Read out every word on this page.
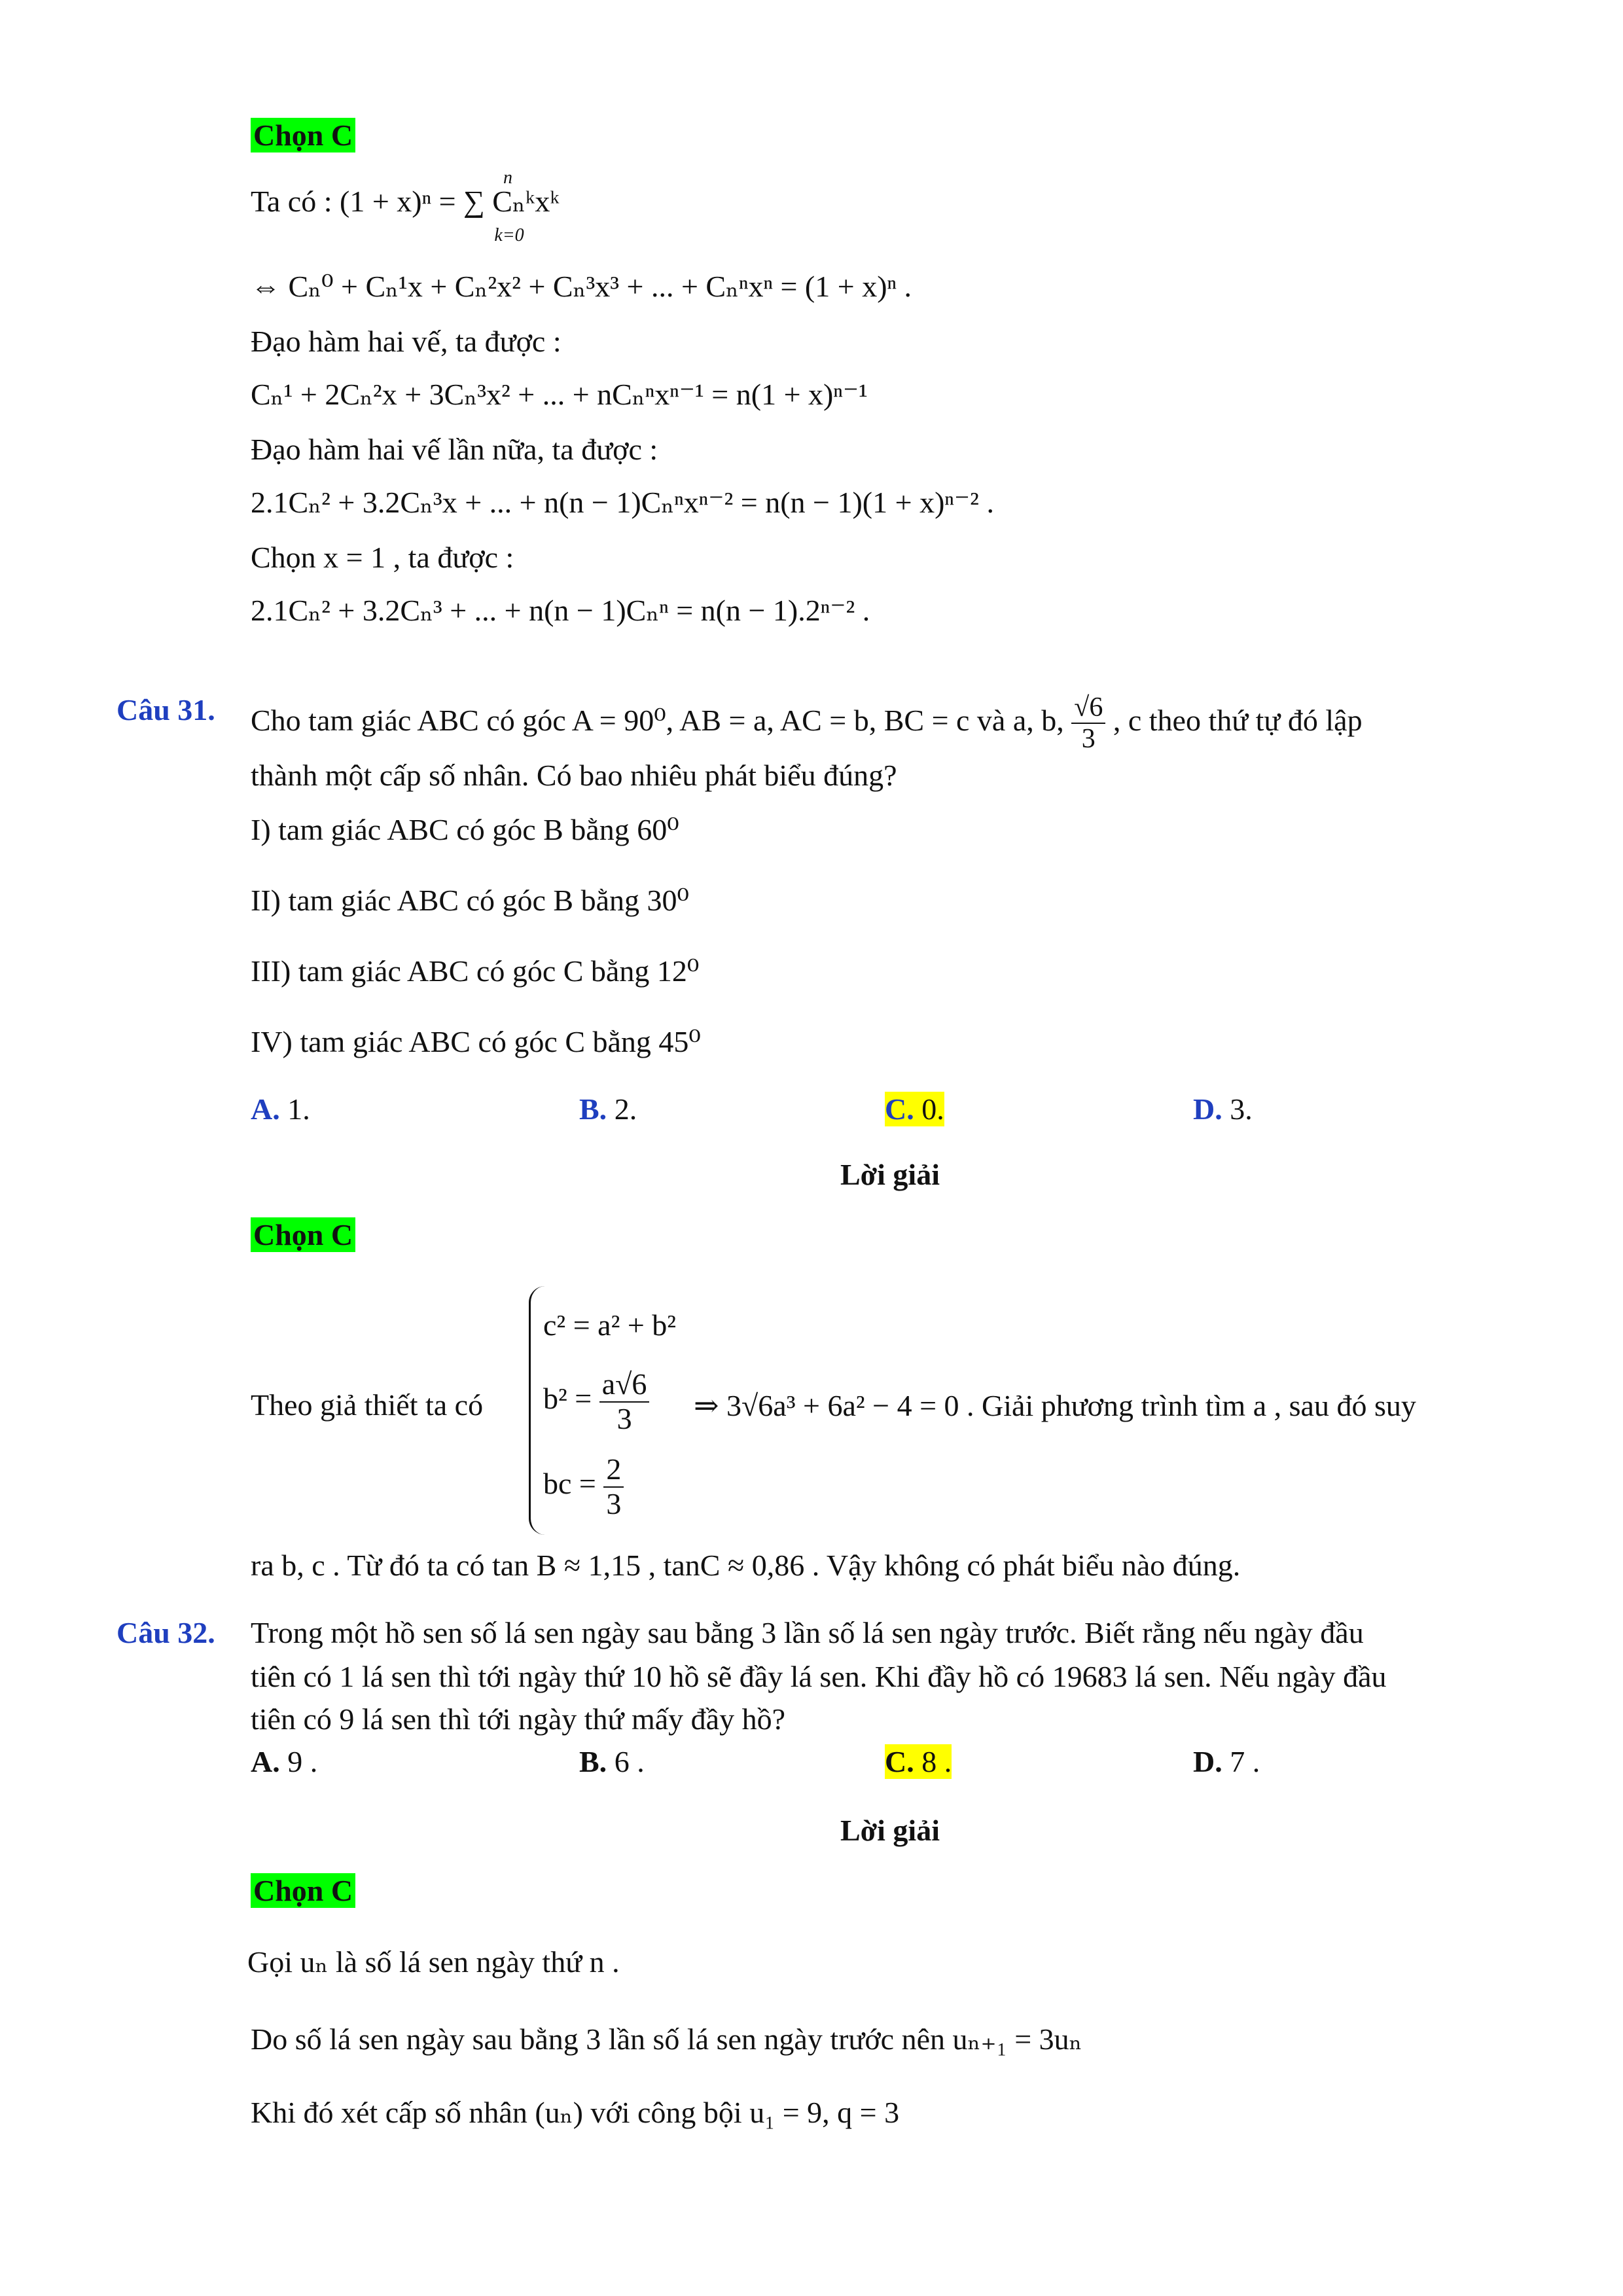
Chọn C
Ta có : (1 + x)ⁿ = ∑ Cₙᵏxᵏ
n
k=0
⇔ Cₙ⁰ + Cₙ¹x + Cₙ²x² + Cₙ³x³ + ... + Cₙⁿxⁿ = (1 + x)ⁿ .
Đạo hàm hai vế, ta được :
Cₙ¹ + 2Cₙ²x + 3Cₙ³x² + ... + nCₙⁿxⁿ⁻¹ = n(1 + x)ⁿ⁻¹
Đạo hàm hai vế lần nữa, ta được :
2.1Cₙ² + 3.2Cₙ³x + ... + n(n − 1)Cₙⁿxⁿ⁻² = n(n − 1)(1 + x)ⁿ⁻² .
Chọn x = 1 , ta được :
2.1Cₙ² + 3.2Cₙ³ + ... + n(n − 1)Cₙⁿ = n(n − 1).2ⁿ⁻² .
Câu 31. Cho tam giác ABC có góc A = 90⁰, AB = a, AC = b, BC = c và a, b, $\frac{√6}{3}$ , c theo thứ tự đó lập
thành một cấp số nhân. Có bao nhiêu phát biểu đúng?
I) tam giác ABC có góc B bằng 60⁰
II) tam giác ABC có góc B bằng 30⁰
III) tam giác ABC có góc C bằng 12⁰
IV) tam giác ABC có góc C bằng 45⁰
A. 1.	B. 2.	C. 0.	D. 3.
Lời giải
Chọn C
Theo giả thiết ta có
c² = a² + b²
$b^2 = \frac{a√6}{3}$
bc = $\frac{2}{3}$
⇒ 3√6a³ + 6a² − 4 = 0 . Giải phương trình tìm a , sau đó suy
ra b, c . Từ đó ta có tan B ≈ 1,15 , tanC ≈ 0,86 . Vậy không có phát biểu nào đúng.
Câu 32. Trong một hồ sen số lá sen ngày sau bằng 3 lần số lá sen ngày trước. Biết rằng nếu ngày đầu
tiên có 1 lá sen thì tới ngày thứ 10 hồ sẽ đầy lá sen. Khi đầy hồ có 19683 lá sen. Nếu ngày đầu
tiên có 9 lá sen thì tới ngày thứ mấy đầy hồ?
A. 9 .	B. 6 .	C. 8 .	D. 7 .
Lời giải
Chọn C
Gọi uₙ là số lá sen ngày thứ n .
Do số lá sen ngày sau bằng 3 lần số lá sen ngày trước nên uₙ₊₁ = 3uₙ
Khi đó xét cấp số nhân (uₙ) với công bội u₁ = 9, q = 3
